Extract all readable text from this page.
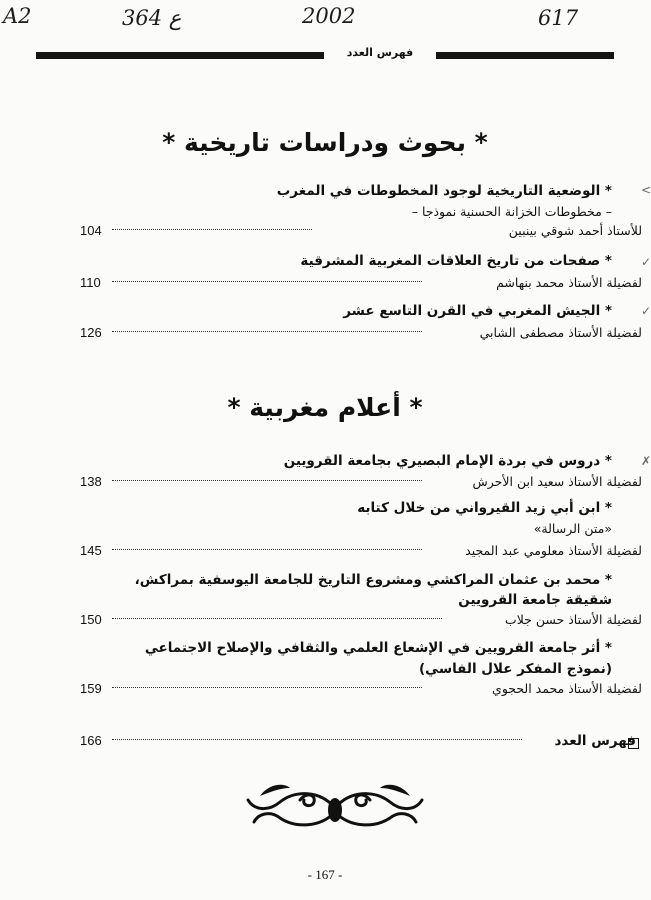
A2	364 ع	2002	617
فهرس العدد
* بحوث ودراسات تاريخية *
<
* الوضعية التاريخية لوجود المخطوطات في المغرب
– مخطوطات الخزانة الحسنية نموذجا –
104	للأستاذ أحمد شوقي بينبين
✓
* صفحات من تاريخ العلاقات المغربية المشرقية
110	لفضيلة الأستاذ محمد بنهاشم
✓
* الجيش المغربي في القرن التاسع عشر
126	لفضيلة الأستاذ مصطفى الشابي
* أعلام مغربية *
✗
* دروس في بردة الإمام البصيري بجامعة القرويين
138	لفضيلة الأستاذ سعيد ابن الأحرش
* ابن أبي زيد القيرواني من خلال كتابه
«متن الرسالة»
145	لفضيلة الأستاذ معلومي عبد المجيد
* محمد بن عثمان المراكشي ومشروع التاريخ للجامعة اليوسفية بمراكش،
شقيقة جامعة القرويين
150	لفضيلة الأستاذ حسن جلاب
* أثر جامعة القرويين في الإشعاع العلمي والثقافي والإصلاح الاجتماعي
(نموذج المفكر علال الفاسي)
159	لفضيلة الأستاذ محمد الحجوي
166	فهرس العدد
- 167 -
